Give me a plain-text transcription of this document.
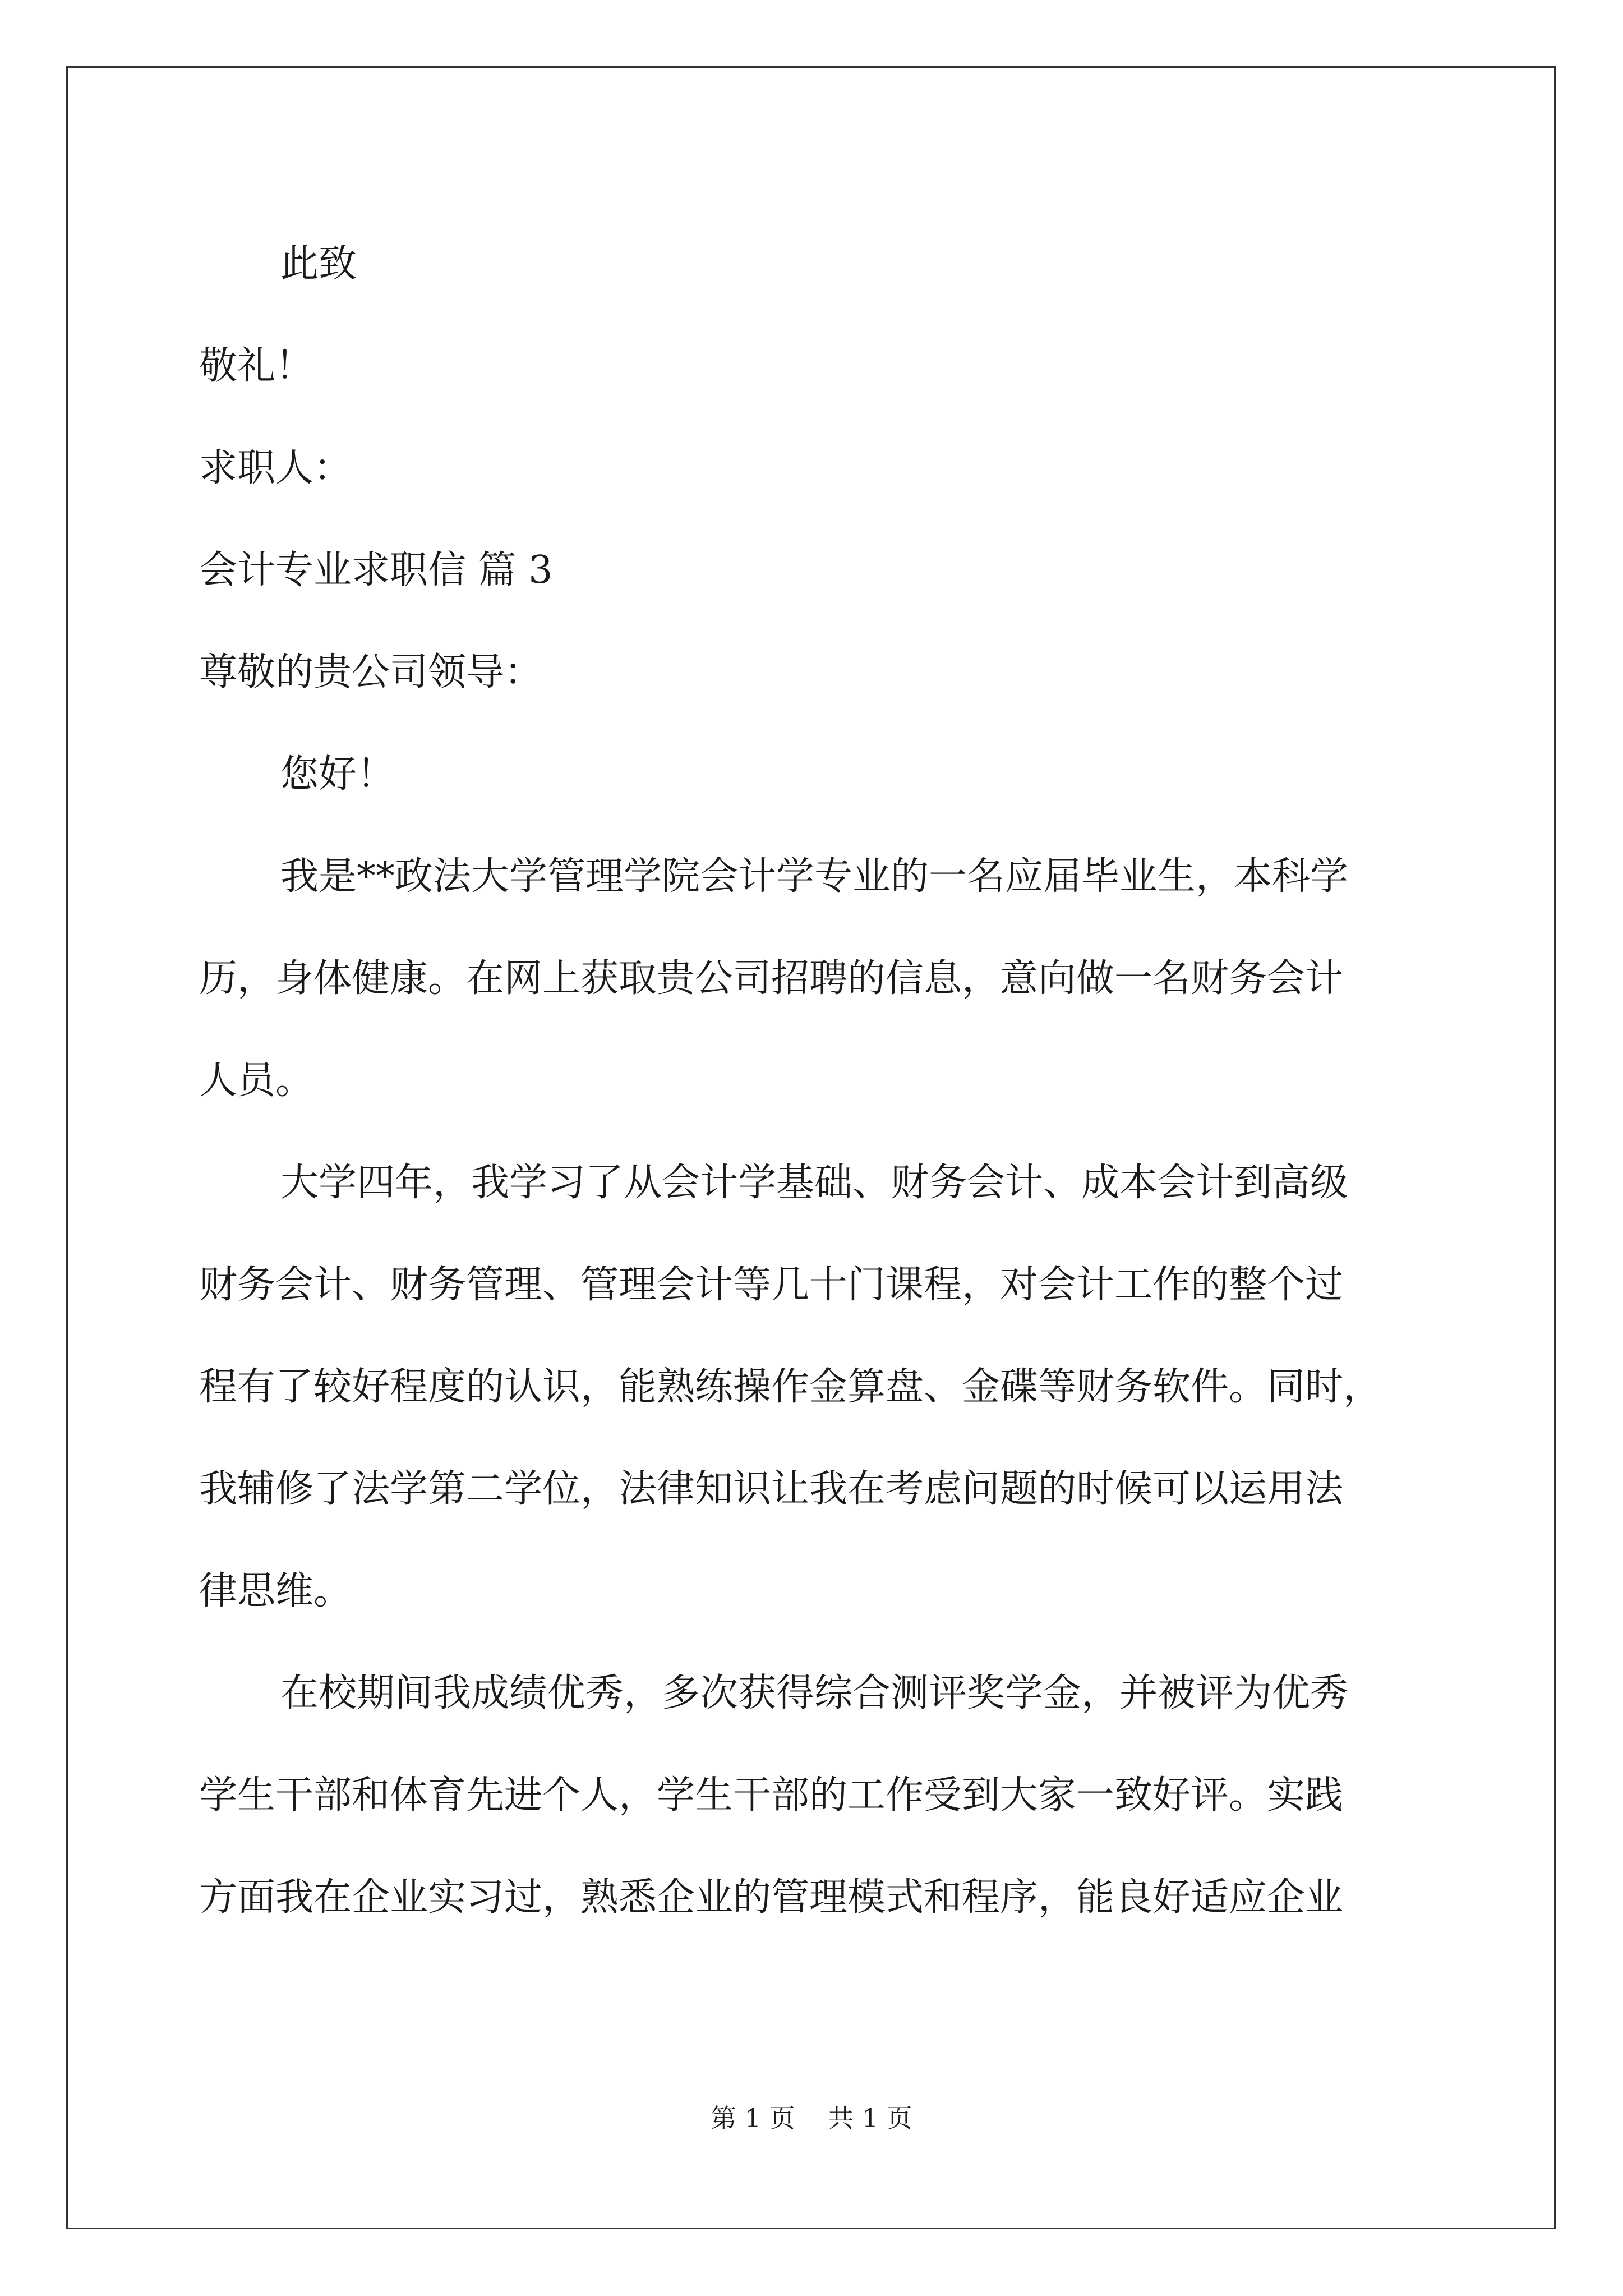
此致
敬礼！
求职人：
会计专业求职信 篇 3
尊敬的贵公司领导：
您好！
我是**政法大学管理学院会计学专业的一名应届毕业生，本科学
历，身体健康。在网上获取贵公司招聘的信息，意向做一名财务会计
人员。
大学四年，我学习了从会计学基础、财务会计、成本会计到高级
财务会计、财务管理、管理会计等几十门课程，对会计工作的整个过
程有了较好程度的认识，能熟练操作金算盘、金碟等财务软件。同时，
我辅修了法学第二学位，法律知识让我在考虑问题的时候可以运用法
律思维。
在校期间我成绩优秀，多次获得综合测评奖学金，并被评为优秀
学生干部和体育先进个人，学生干部的工作受到大家一致好评。实践
方面我在企业实习过，熟悉企业的管理模式和程序，能良好适应企业
第 1 页    共 1 页
